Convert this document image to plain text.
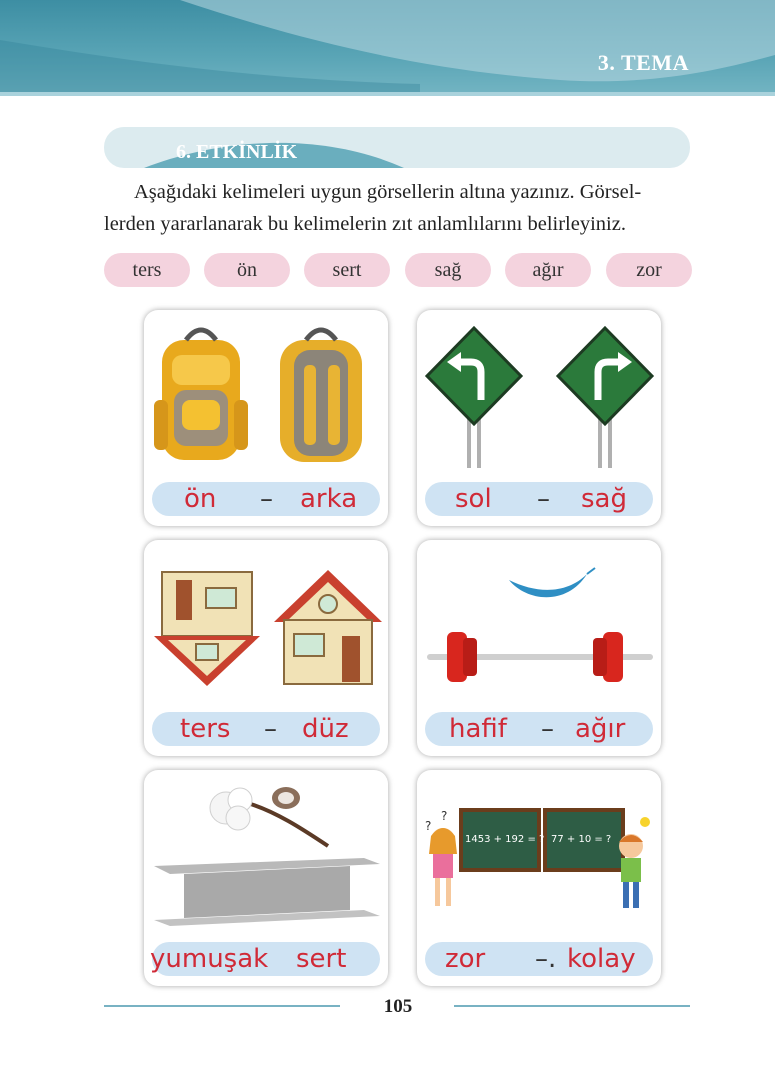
3. TEMA
6. ETKİNLİK
Aşağıdaki kelimeleri uygun görsellerin altına yazınız. Görsel-
lerden yararlanarak bu kelimelerin zıt anlamlılarını belirleyiniz.
ters	ön	sert	sağ	ağır	zor
ön – arka	sol – sağ
ters – düz	hafif – ağır
yumuşak sert
1453 + 192 = ? 77 + 10 = ?
?
?
zor –. kolay
105
